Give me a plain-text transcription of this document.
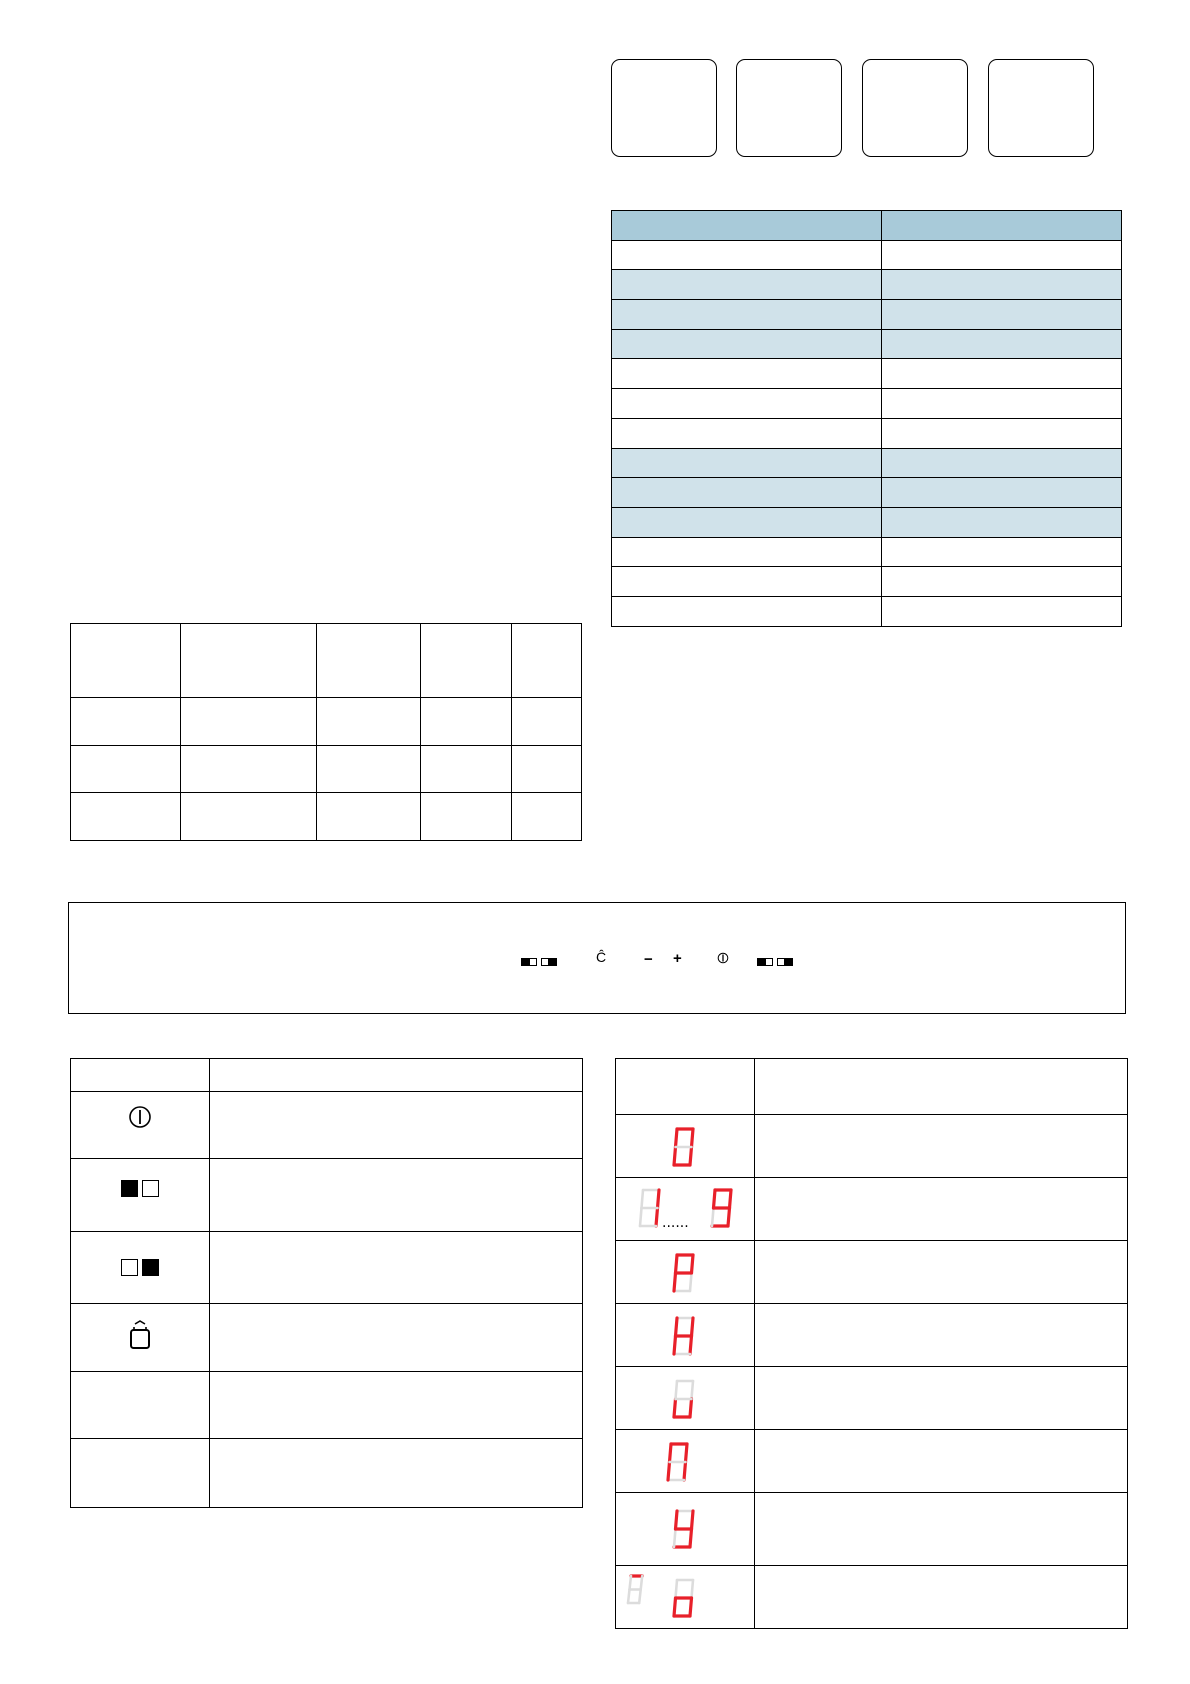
Ĉ	− +

......	
